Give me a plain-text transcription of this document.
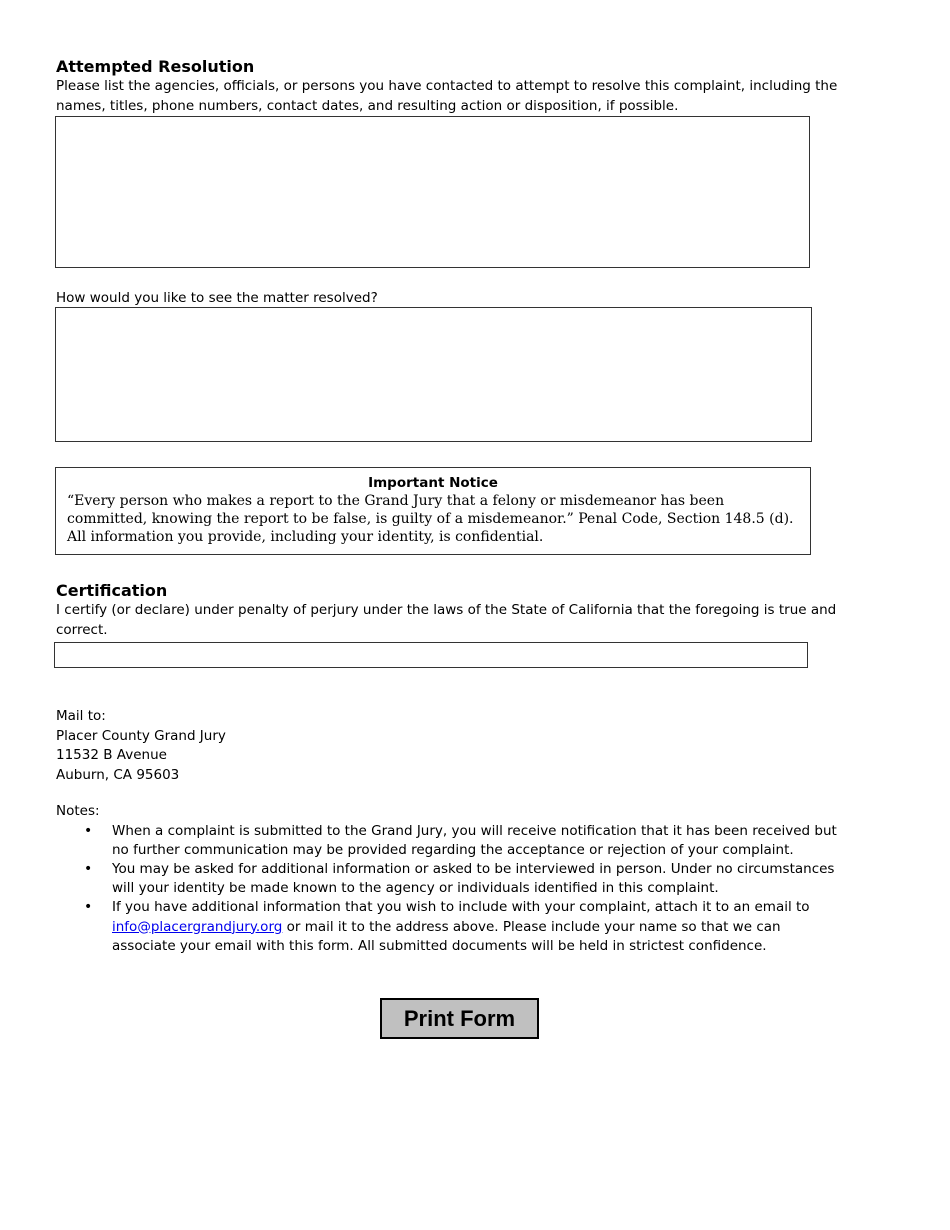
Attempted Resolution

Please list the agencies, officials, or persons you have contacted to attempt to resolve this complaint, including the names, titles, phone numbers, contact dates, and resulting action or disposition, if possible.

How would you like to see the matter resolved?

Important Notice

“Every person who makes a report to the Grand Jury that a felony or misdemeanor has been committed, knowing the report to be false, is guilty of a misdemeanor.” Penal Code, Section 148.5 (d).

All information you provide, including your identity, is confidential.

Certification

I certify (or declare) under penalty of perjury under the laws of the State of California that the foregoing is true and correct.

Mail to:

Placer County Grand Jury

11532 B Avenue

Auburn, CA 95603

Notes:

• When a complaint is submitted to the Grand Jury, you will receive notification that it has been received but no further communication may be provided regarding the acceptance or rejection of your complaint.
• You may be asked for additional information or asked to be interviewed in person. Under no circumstances will your identity be made known to the agency or individuals identified in this complaint.
• If you have additional information that you wish to include with your complaint, attach it to an email to info@placergrandjury.org or mail it to the address above. Please include your name so that we can associate your email with this form. All submitted documents will be held in strictest confidence.
Print Form
